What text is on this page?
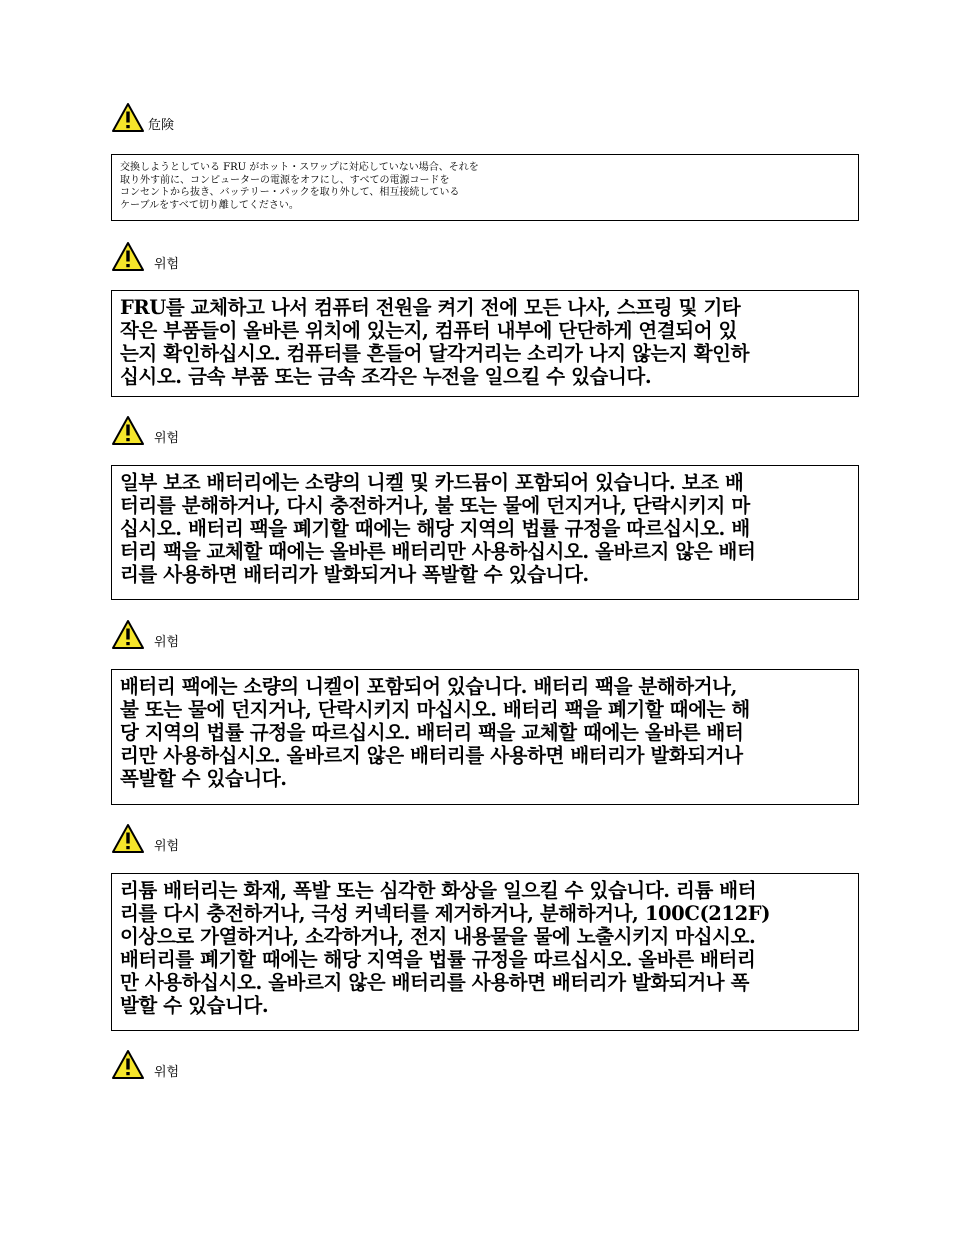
危険
交換しようとしている FRU がホット・スワップに対応していない場合、それを
取り外す前に、コンピューターの電源をオフにし、すべての電源コードを
コンセントから抜き、バッテリー・パックを取り外して、相互接続している
ケーブルをすべて切り離してください。
위험
FRU를 교체하고 나서 컴퓨터 전원을 켜기 전에 모든 나사, 스프링 및 기타
작은 부품들이 올바른 위치에 있는지, 컴퓨터 내부에 단단하게 연결되어 있
는지 확인하십시오. 컴퓨터를 흔들어 달각거리는 소리가 나지 않는지 확인하
십시오. 금속 부품 또는 금속 조각은 누전을 일으킬 수 있습니다.
위험
일부 보조 배터리에는 소량의 니켈 및 카드뮴이 포함되어 있습니다. 보조 배
터리를 분해하거나, 다시 충전하거나, 불 또는 물에 던지거나, 단락시키지 마
십시오. 배터리 팩을 폐기할 때에는 해당 지역의 법률 규정을 따르십시오. 배
터리 팩을 교체할 때에는 올바른 배터리만 사용하십시오. 올바르지 않은 배터
리를 사용하면 배터리가 발화되거나 폭발할 수 있습니다.
위험
배터리 팩에는 소량의 니켈이 포함되어 있습니다. 배터리 팩을 분해하거나,
불 또는 물에 던지거나, 단락시키지 마십시오. 배터리 팩을 폐기할 때에는 해
당 지역의 법률 규정을 따르십시오. 배터리 팩을 교체할 때에는 올바른 배터
리만 사용하십시오. 올바르지 않은 배터리를 사용하면 배터리가 발화되거나
폭발할 수 있습니다.
위험
리튬 배터리는 화재, 폭발 또는 심각한 화상을 일으킬 수 있습니다. 리튬 배터
리를 다시 충전하거나, 극성 커넥터를 제거하거나, 분해하거나, 100C(212F)
이상으로 가열하거나, 소각하거나, 전지 내용물을 물에 노출시키지 마십시오.
배터리를 폐기할 때에는 해당 지역을 법률 규정을 따르십시오. 올바른 배터리
만 사용하십시오. 올바르지 않은 배터리를 사용하면 배터리가 발화되거나 폭
발할 수 있습니다.
위험
